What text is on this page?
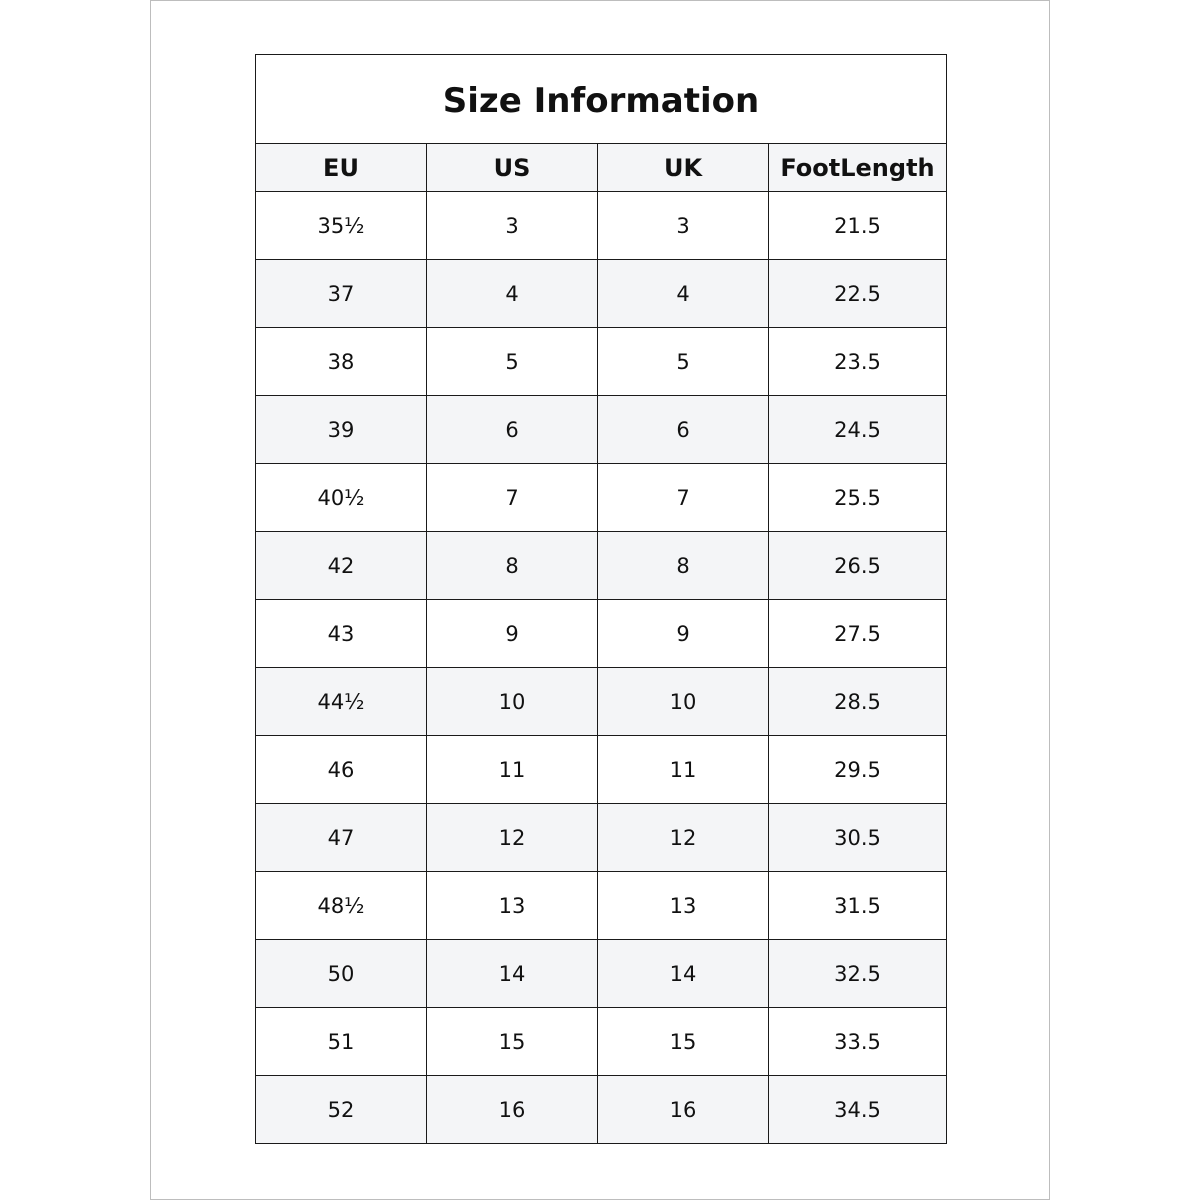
Size Information			
EU	US	UK	FootLength
35½	3	3	21.5
37	4	4	22.5
38	5	5	23.5
39	6	6	24.5
40½	7	7	25.5
42	8	8	26.5
43	9	9	27.5
44½	10	10	28.5
46	11	11	29.5
47	12	12	30.5
48½	13	13	31.5
50	14	14	32.5
51	15	15	33.5
52	16	16	34.5
